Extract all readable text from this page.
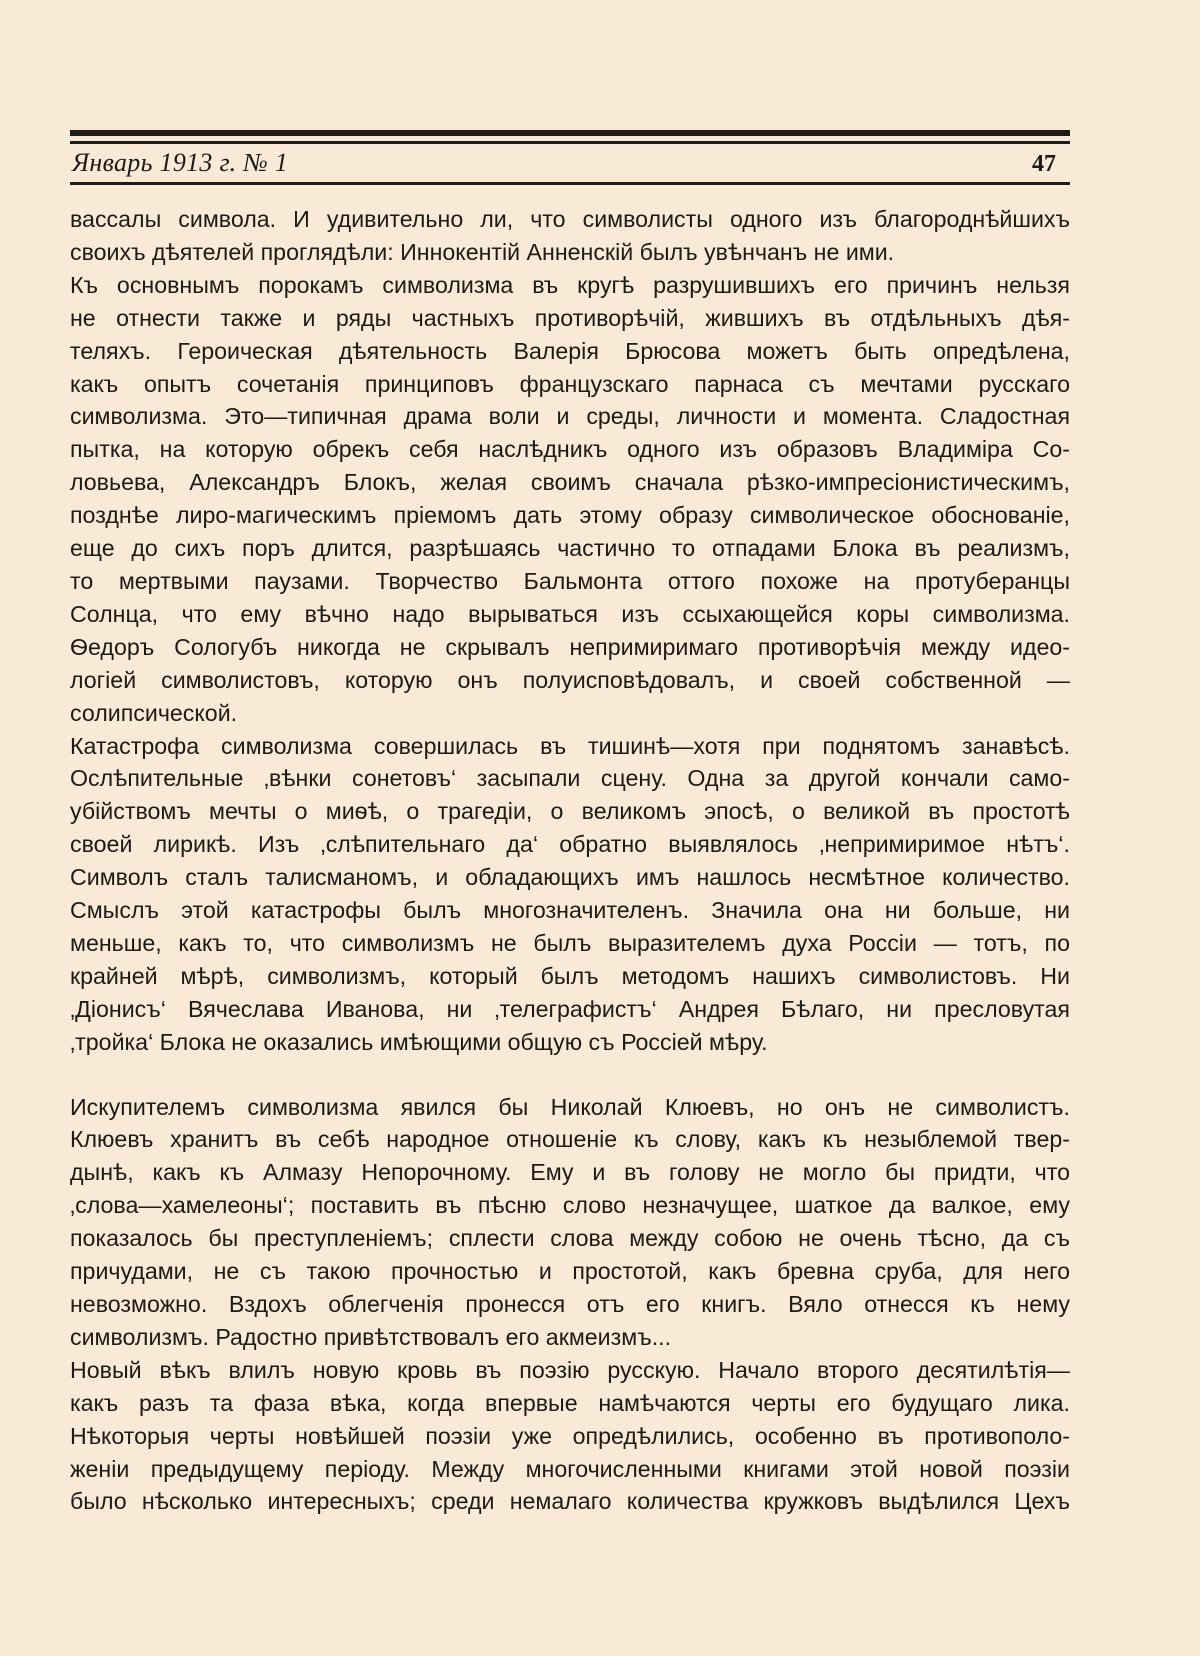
Январь 1913 г. № 1	47
вассалы символа. И удивительно ли, что символисты одного изъ благороднѣйшихъ
своихъ дѣятелей проглядѣли: Иннокентій Анненскій былъ увѣнчанъ не ими.
Къ основнымъ порокамъ символизма въ кругѣ разрушившихъ его причинъ нельзя
не отнести также и ряды частныхъ противорѣчій, жившихъ въ отдѣльныхъ дѣя-
теляхъ. Героическая дѣятельность Валерія Брюсова можетъ быть опредѣлена,
какъ опытъ сочетанія принциповъ французскаго парнаса съ мечтами русскаго
символизма. Это—типичная драма воли и среды, личности и момента. Сладостная
пытка, на которую обрекъ себя наслѣдникъ одного изъ образовъ Владиміра Со-
ловьева, Александръ Блокъ, желая своимъ сначала рѣзко-импресіонистическимъ,
позднѣе лиро-магическимъ пріемомъ дать этому образу символическое обоснованіе,
еще до сихъ поръ длится, разрѣшаясь частично то отпадами Блока въ реализмъ,
то мертвыми паузами. Творчество Бальмонта оттого похоже на протуберанцы
Солнца, что ему вѣчно надо вырываться изъ ссыхающейся коры символизма.
Ѳедоръ Сологубъ никогда не скрывалъ непримиримаго противорѣчія между идео-
логіей символистовъ, которую онъ полуисповѣдовалъ, и своей собственной —
солипсической.
Катастрофа символизма совершилась въ тишинѣ—хотя при поднятомъ занавѣсѣ.
Ослѣпительные ‚вѣнки сонетовъ‘ засыпали сцену. Одна за другой кончали само-
убійствомъ мечты о миѳѣ, о трагедіи, о великомъ эпосѣ, о великой въ простотѣ
своей лирикѣ. Изъ ‚слѣпительнаго да‘ обратно выявлялось ‚непримиримое нѣтъ‘.
Символъ сталъ талисманомъ, и обладающихъ имъ нашлось несмѣтное количество.
Смыслъ этой катастрофы былъ многозначителенъ. Значила она ни больше, ни
меньше, какъ то, что символизмъ не былъ выразителемъ духа Россіи — тотъ, по
крайней мѣрѣ, символизмъ, который былъ методомъ нашихъ символистовъ. Ни
‚Діонисъ‘ Вячеслава Иванова, ни ‚телеграфистъ‘ Андрея Бѣлаго, ни пресловутая
‚тройка‘ Блока не оказались имѣющими общую съ Россіей мѣру.
Искупителемъ символизма явился бы Николай Клюевъ, но онъ не символистъ.
Клюевъ хранитъ въ себѣ народное отношеніе къ слову, какъ къ незыблемой твер-
дынѣ, какъ къ Алмазу Непорочному. Ему и въ голову не могло бы придти, что
‚слова—хамелеоны‘; поставить въ пѣсню слово незначущее, шаткое да валкое, ему
показалось бы преступленіемъ; сплести слова между собою не очень тѣсно, да съ
причудами, не съ такою прочностью и простотой, какъ бревна сруба, для него
невозможно. Вздохъ облегченія пронесся отъ его книгъ. Вяло отнесся къ нему
символизмъ. Радостно привѣтствовалъ его акмеизмъ...
Новый вѣкъ влилъ новую кровь въ поэзію русскую. Начало второго десятилѣтія—
какъ разъ та фаза вѣка, когда впервые намѣчаются черты его будущаго лика.
Нѣкоторыя черты новѣйшей поэзіи уже опредѣлились, особенно въ противополо-
женіи предыдущему періоду. Между многочисленными книгами этой новой поэзіи
было нѣсколько интересныхъ; среди немалаго количества кружковъ выдѣлился Цехъ
